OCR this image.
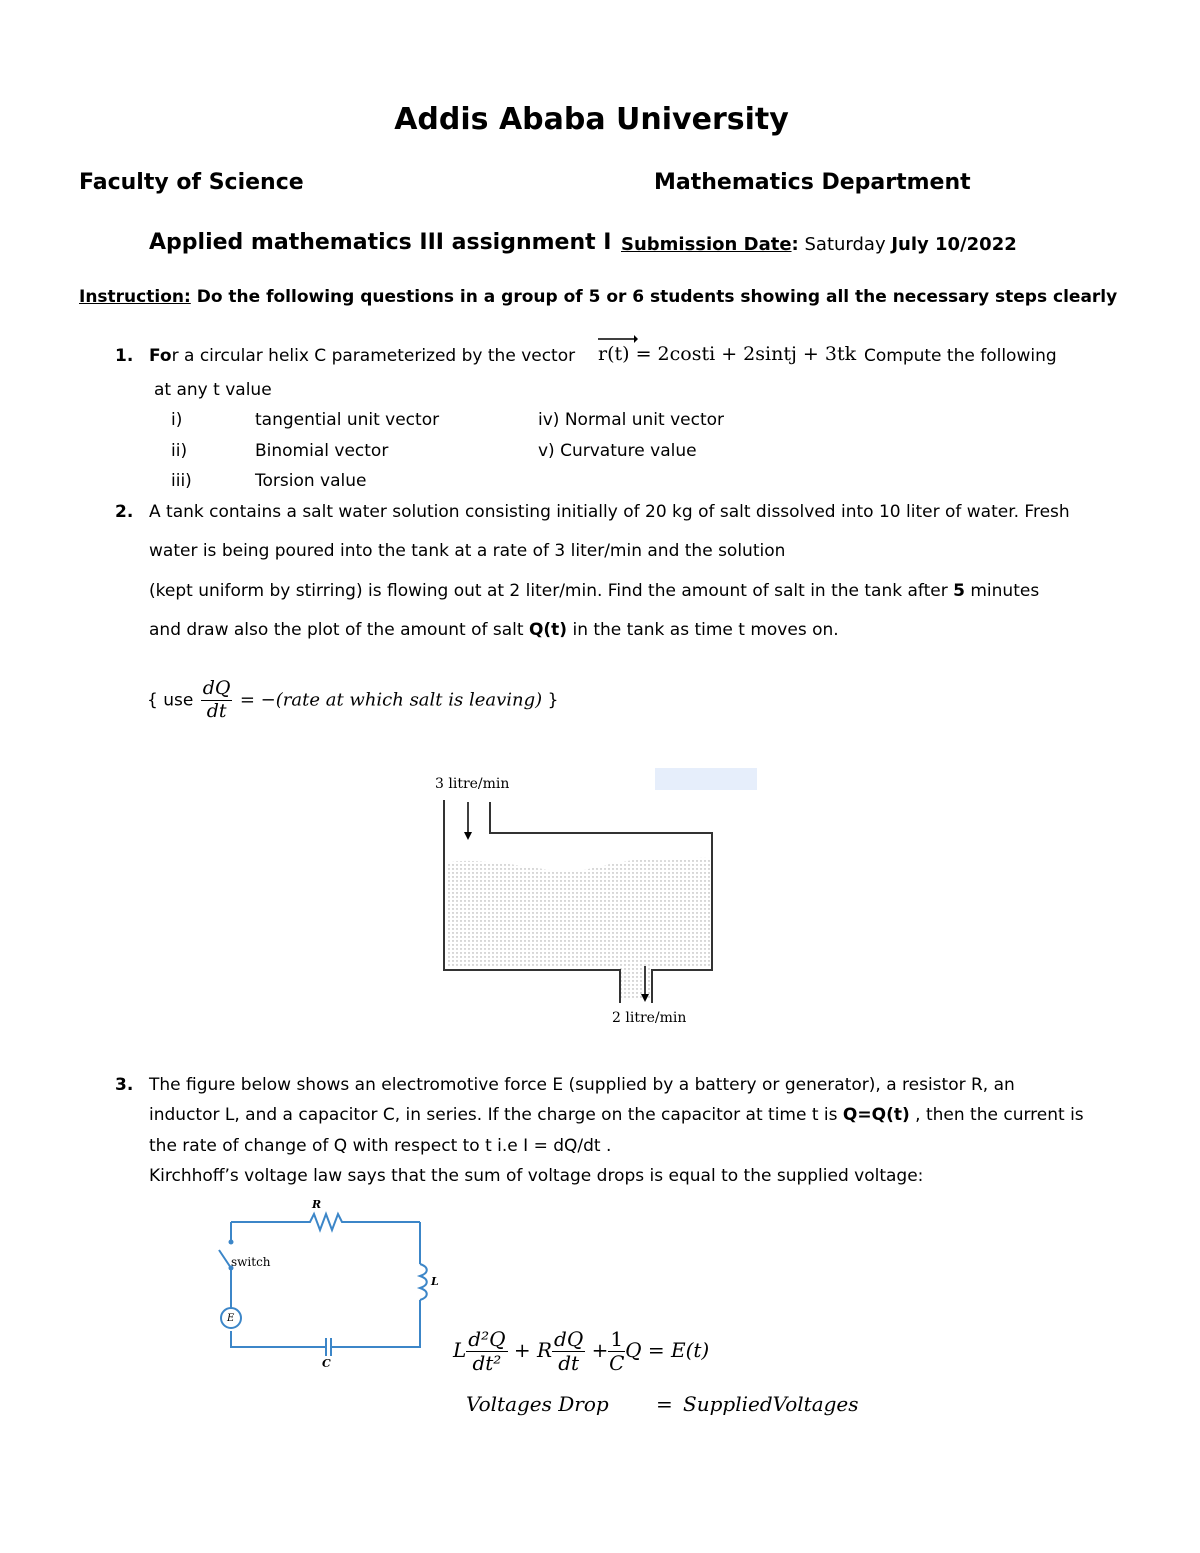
Addis Ababa University
Faculty of Science	Mathematics Department
Applied mathematics III assignment I Submission Date: Saturday July 10/2022
Instruction: Do the following questions in a group of 5 or 6 students showing all the necessary steps clearly
1. For a circular helix C parameterized by the vector r(t) = 2costi + 2sintj + 3tk Compute the following
at any t value
i)	tangential unit vector
ii)	Binomial vector
iii)	Torsion value
iv) Normal unit vector
v) Curvature value
2. A tank contains a salt water solution consisting initially of 20 kg of salt dissolved into 10 liter of water. Fresh
water is being poured into the tank at a rate of 3 liter/min and the solution
(kept uniform by stirring) is flowing out at 2 liter/min. Find the amount of salt in the tank after 5 minutes
and draw also the plot of the amount of salt Q(t) in the tank as time t moves on.
{ use $\frac{dQ}{dt}$ = −(rate at which salt is leaving) }
3 litre/min
2 litre/min
3. The figure below shows an electromotive force E (supplied by a battery or generator), a resistor R, an
inductor L, and a capacitor C, in series. If the charge on the capacitor at time t is Q=Q(t) , then the current is
the rate of change of Q with respect to t i.e I = dQ/dt .
Kirchhoff’s voltage law says that the sum of voltage drops is equal to the supplied voltage:
R
L
C
E
switch
L $\frac{\text{d²Q}}{\text{dt²}} + R \frac{dQ}{dt} + \frac{1}{C}$ Q = E(t)
Voltages Drop = SuppliedVoltages
